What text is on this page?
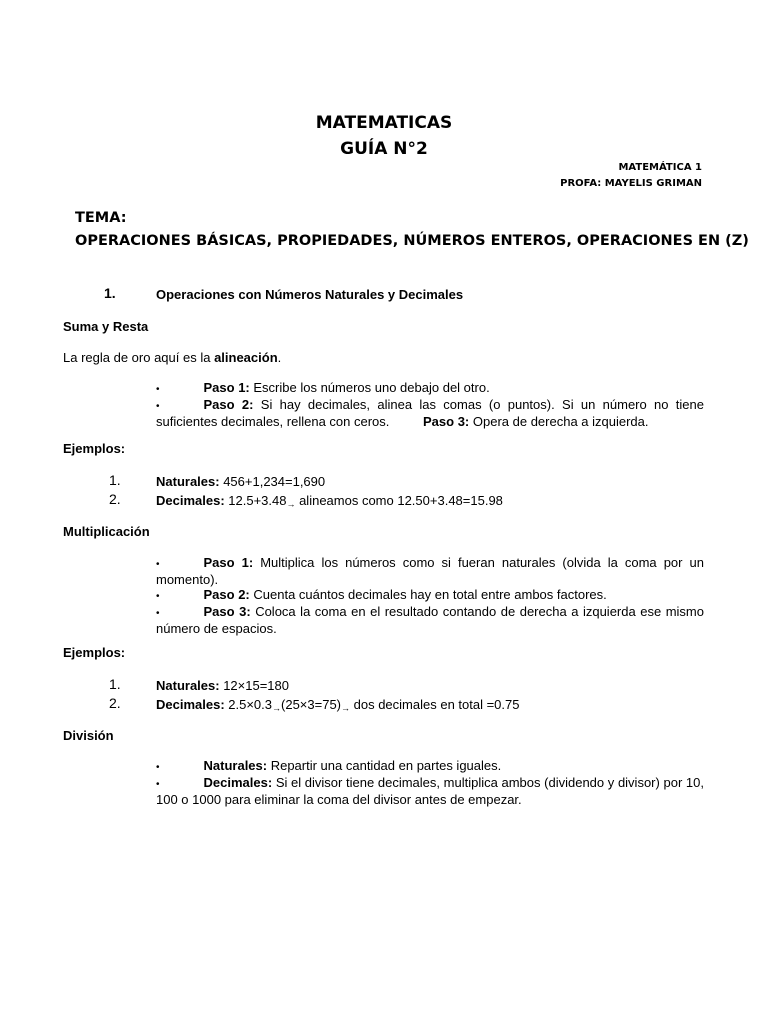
MATEMATICAS
GUÍA N°2
MATEMÁTICA 1
PROFA: MAYELIS GRIMAN
TEMA:
OPERACIONES BÁSICAS, PROPIEDADES, NÚMEROS ENTEROS, OPERACIONES EN (Z)
1.	Operaciones con Números Naturales y Decimales
Suma y Resta
La regla de oro aquí es la alineación.
•	Paso 1: Escribe los números uno debajo del otro.
•	Paso 2: Si hay decimales, alinea las comas (o puntos). Si un número no tiene suficientes decimales, rellena con ceros.	Paso 3: Opera de derecha a izquierda.
Ejemplos:
1.	Naturales: 456+1,234=1,690
2.	Decimales: 12.5+3.48→ alineamos como 12.50+3.48=15.98
Multiplicación
•	Paso 1: Multiplica los números como si fueran naturales (olvida la coma por un momento).
•	Paso 2: Cuenta cuántos decimales hay en total entre ambos factores.
•	Paso 3: Coloca la coma en el resultado contando de derecha a izquierda ese mismo número de espacios.
Ejemplos:
1.	Naturales: 12×15=180
2.	Decimales: 2.5×0.3→(25×3=75)→ dos decimales en total =0.75
División
•	Naturales: Repartir una cantidad en partes iguales.
•	Decimales: Si el divisor tiene decimales, multiplica ambos (dividendo y divisor) por 10, 100 o 1000 para eliminar la coma del divisor antes de empezar.
